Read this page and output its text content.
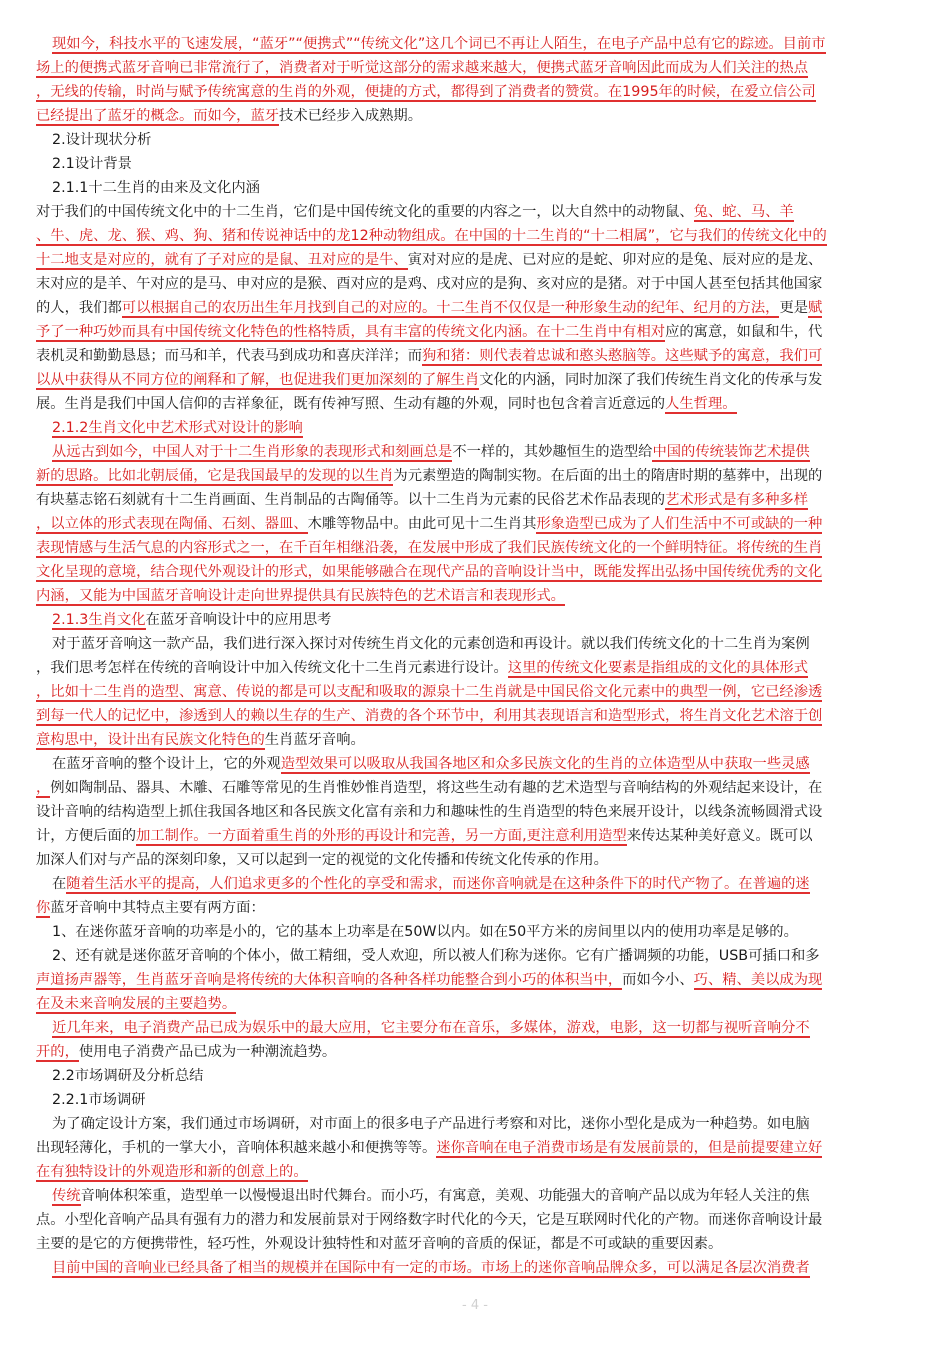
现如今，科技水平的飞速发展，“蓝牙”“便携式”“传统文化”这几个词已不再让人陌生，在电子产品中总有它的踪迹。目前市
场上的便携式蓝牙音响已非常流行了，消费者对于听觉这部分的需求越来越大，便携式蓝牙音响因此而成为人们关注的热点
，无线的传输，时尚与赋予传统寓意的生肖的外观，便捷的方式，都得到了消费者的赞赏。在1995年的时候，在爱立信公司
已经提出了蓝牙的概念。而如今，蓝牙技术已经步入成熟期。
2.设计现状分析
2.1设计背景
2.1.1十二生肖的由来及文化内涵
对于我们的中国传统文化中的十二生肖，它们是中国传统文化的重要的内容之一，以大自然中的动物鼠、兔、蛇、马、羊
、牛、虎、龙、猴、鸡、狗、猪和传说神话中的龙12种动物组成。在中国的十二生肖的“十二相属”，它与我们的传统文化中的
十二地支是对应的，就有了子对应的是鼠、丑对应的是牛、寅对对应的是虎、已对应的是蛇、卯对应的是兔、辰对应的是龙、
末对应的是羊、午对应的是马、申对应的是猴、酉对应的是鸡、戌对应的是狗、亥对应的是猪。对于中国人甚至包括其他国家
的人，我们都可以根据自己的农历出生年月找到自己的对应的。十二生肖不仅仅是一种形象生动的纪年、纪月的方法，更是赋
予了一种巧妙而具有中国传统文化特色的性格特质，具有丰富的传统文化内涵。在十二生肖中有相对应的寓意，如鼠和牛，代
表机灵和勤勤恳恳；而马和羊，代表马到成功和喜庆洋洋；而狗和猪：则代表着忠诚和憨头憨脑等。这些赋予的寓意，我们可
以从中获得从不同方位的阐释和了解，也促进我们更加深刻的了解生肖文化的内涵，同时加深了我们传统生肖文化的传承与发
展。生肖是我们中国人信仰的吉祥象征，既有传神写照、生动有趣的外观，同时也包含着言近意远的人生哲理。
2.1.2生肖文化中艺术形式对设计的影响
从远古到如今，中国人对于十二生肖形象的表现形式和刻画总是不一样的，其妙趣恒生的造型给中国的传统装饰艺术提供
新的思路。比如北朝辰俑，它是我国最早的发现的以生肖为元素塑造的陶制实物。在后面的出土的隋唐时期的墓葬中，出现的
有块墓志铭石刻就有十二生肖画面、生肖制品的古陶俑等。以十二生肖为元素的民俗艺术作品表现的艺术形式是有多种多样
，以立体的形式表现在陶俑、石刻、器皿、木雕等物品中。由此可见十二生肖其形象造型已成为了人们生活中不可或缺的一种
表现情感与生活气息的内容形式之一，在千百年相继沿袭，在发展中形成了我们民族传统文化的一个鲜明特征。将传统的生肖
文化呈现的意境，结合现代外观设计的形式，如果能够融合在现代产品的音响设计当中，既能发挥出弘扬中国传统优秀的文化
内涵，又能为中国蓝牙音响设计走向世界提供具有民族特色的艺术语言和表现形式。
2.1.3生肖文化在蓝牙音响设计中的应用思考
对于蓝牙音响这一款产品，我们进行深入探讨对传统生肖文化的元素创造和再设计。就以我们传统文化的十二生肖为案例
，我们思考怎样在传统的音响设计中加入传统文化十二生肖元素进行设计。这里的传统文化要素是指组成的文化的具体形式
，比如十二生肖的造型、寓意、传说的都是可以支配和吸取的源泉十二生肖就是中国民俗文化元素中的典型一例，它已经渗透
到每一代人的记忆中，渗透到人的赖以生存的生产、消费的各个环节中，利用其表现语言和造型形式，将生肖文化艺术溶于创
意构思中，设计出有民族文化特色的生肖蓝牙音响。
在蓝牙音响的整个设计上，它的外观造型效果可以吸取从我国各地区和众多民族文化的生肖的立体造型从中获取一些灵感
，例如陶制品、器具、木雕、石雕等常见的生肖惟妙惟肖造型，将这些生动有趣的艺术造型与音响结构的外观结起来设计，在
设计音响的结构造型上抓住我国各地区和各民族文化富有亲和力和趣味性的生肖造型的特色来展开设计，以线条流畅圆滑式设
计，方便后面的加工制作。一方面着重生肖的外形的再设计和完善，另一方面,更注意利用造型来传达某种美好意义。既可以
加深人们对与产品的深刻印象，又可以起到一定的视觉的文化传播和传统文化传承的作用。
在随着生活水平的提高，人们追求更多的个性化的享受和需求，而迷你音响就是在这种条件下的时代产物了。在普遍的迷
你蓝牙音响中其特点主要有两方面：
1、在迷你蓝牙音响的功率是小的，它的基本上功率是在50W以内。如在50平方米的房间里以内的使用功率是足够的。
2、还有就是迷你蓝牙音响的个体小，做工精细，受人欢迎，所以被人们称为迷你。它有广播调频的功能，USB可插口和多
声道扬声器等，生肖蓝牙音响是将传统的大体积音响的各种各样功能整合到小巧的体积当中，而如今小、巧、精、美以成为现
在及未来音响发展的主要趋势。
近几年来，电子消费产品已成为娱乐中的最大应用，它主要分布在音乐，多媒体，游戏，电影，这一切都与视听音响分不
开的，使用电子消费产品已成为一种潮流趋势。
2.2市场调研及分析总结
2.2.1市场调研
为了确定设计方案，我们通过市场调研，对市面上的很多电子产品进行考察和对比，迷你小型化是成为一种趋势。如电脑
出现轻薄化，手机的一掌大小，音响体积越来越小和便携等等。迷你音响在电子消费市场是有发展前景的，但是前提要建立好
在有独特设计的外观造形和新的创意上的。
传统音响体积笨重，造型单一以慢慢退出时代舞台。而小巧，有寓意，美观、功能强大的音响产品以成为年轻人关注的焦
点。小型化音响产品具有强有力的潜力和发展前景对于网络数字时代化的今天，它是互联网时代化的产物。而迷你音响设计最
主要的是它的方便携带性，轻巧性，外观设计独特性和对蓝牙音响的音质的保证，都是不可或缺的重要因素。
目前中国的音响业已经具备了相当的规模并在国际中有一定的市场。市场上的迷你音响品牌众多，可以满足各层次消费者
- 4 -
